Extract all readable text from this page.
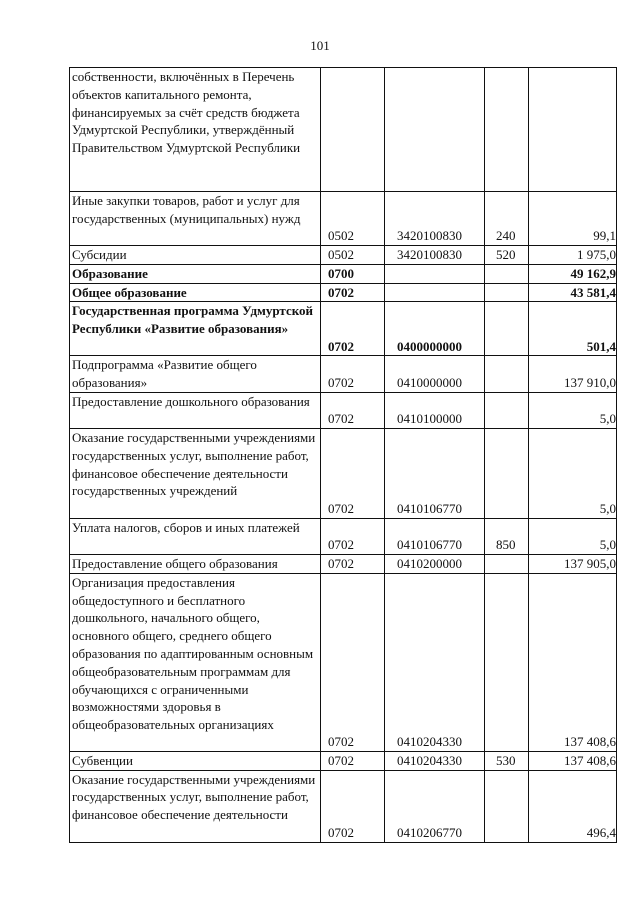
101
собственности, включённых в Перечень объектов капитального ремонта, финансируемых за счёт средств бюджета Удмуртской Республики, утверждённый Правительством Удмуртской Республики				
Иные закупки товаров, работ и услуг для государственных (муниципальных) нужд	0502	3420100830	240	99,1
Субсидии	0502	3420100830	520	1 975,0
Образование	0700			49 162,9
Общее образование	0702			43 581,4
Государственная программа Удмуртской Республики «Развитие образования»	0702	0400000000		501,4
Подпрограмма «Развитие общего образования»	0702	0410000000		137 910,0
Предоставление дошкольного образования	0702	0410100000		5,0
Оказание государственными учреждениями государственных услуг, выполнение работ, финансовое обеспечение деятельности государственных учреждений	0702	0410106770		5,0
Уплата налогов, сборов и иных платежей	0702	0410106770	850	5,0
Предоставление общего образования	0702	0410200000		137 905,0
Организация предоставления общедоступного и бесплатного дошкольного, начального общего, основного общего, среднего общего образования по адаптированным основным общеобразовательным программам для обучающихся с ограниченными возможностями здоровья в общеобразовательных организациях	0702	0410204330		137 408,6
Субвенции	0702	0410204330	530	137 408,6
Оказание государственными учреждениями государственных услуг, выполнение работ, финансовое обеспечение деятельности	0702	0410206770		496,4
